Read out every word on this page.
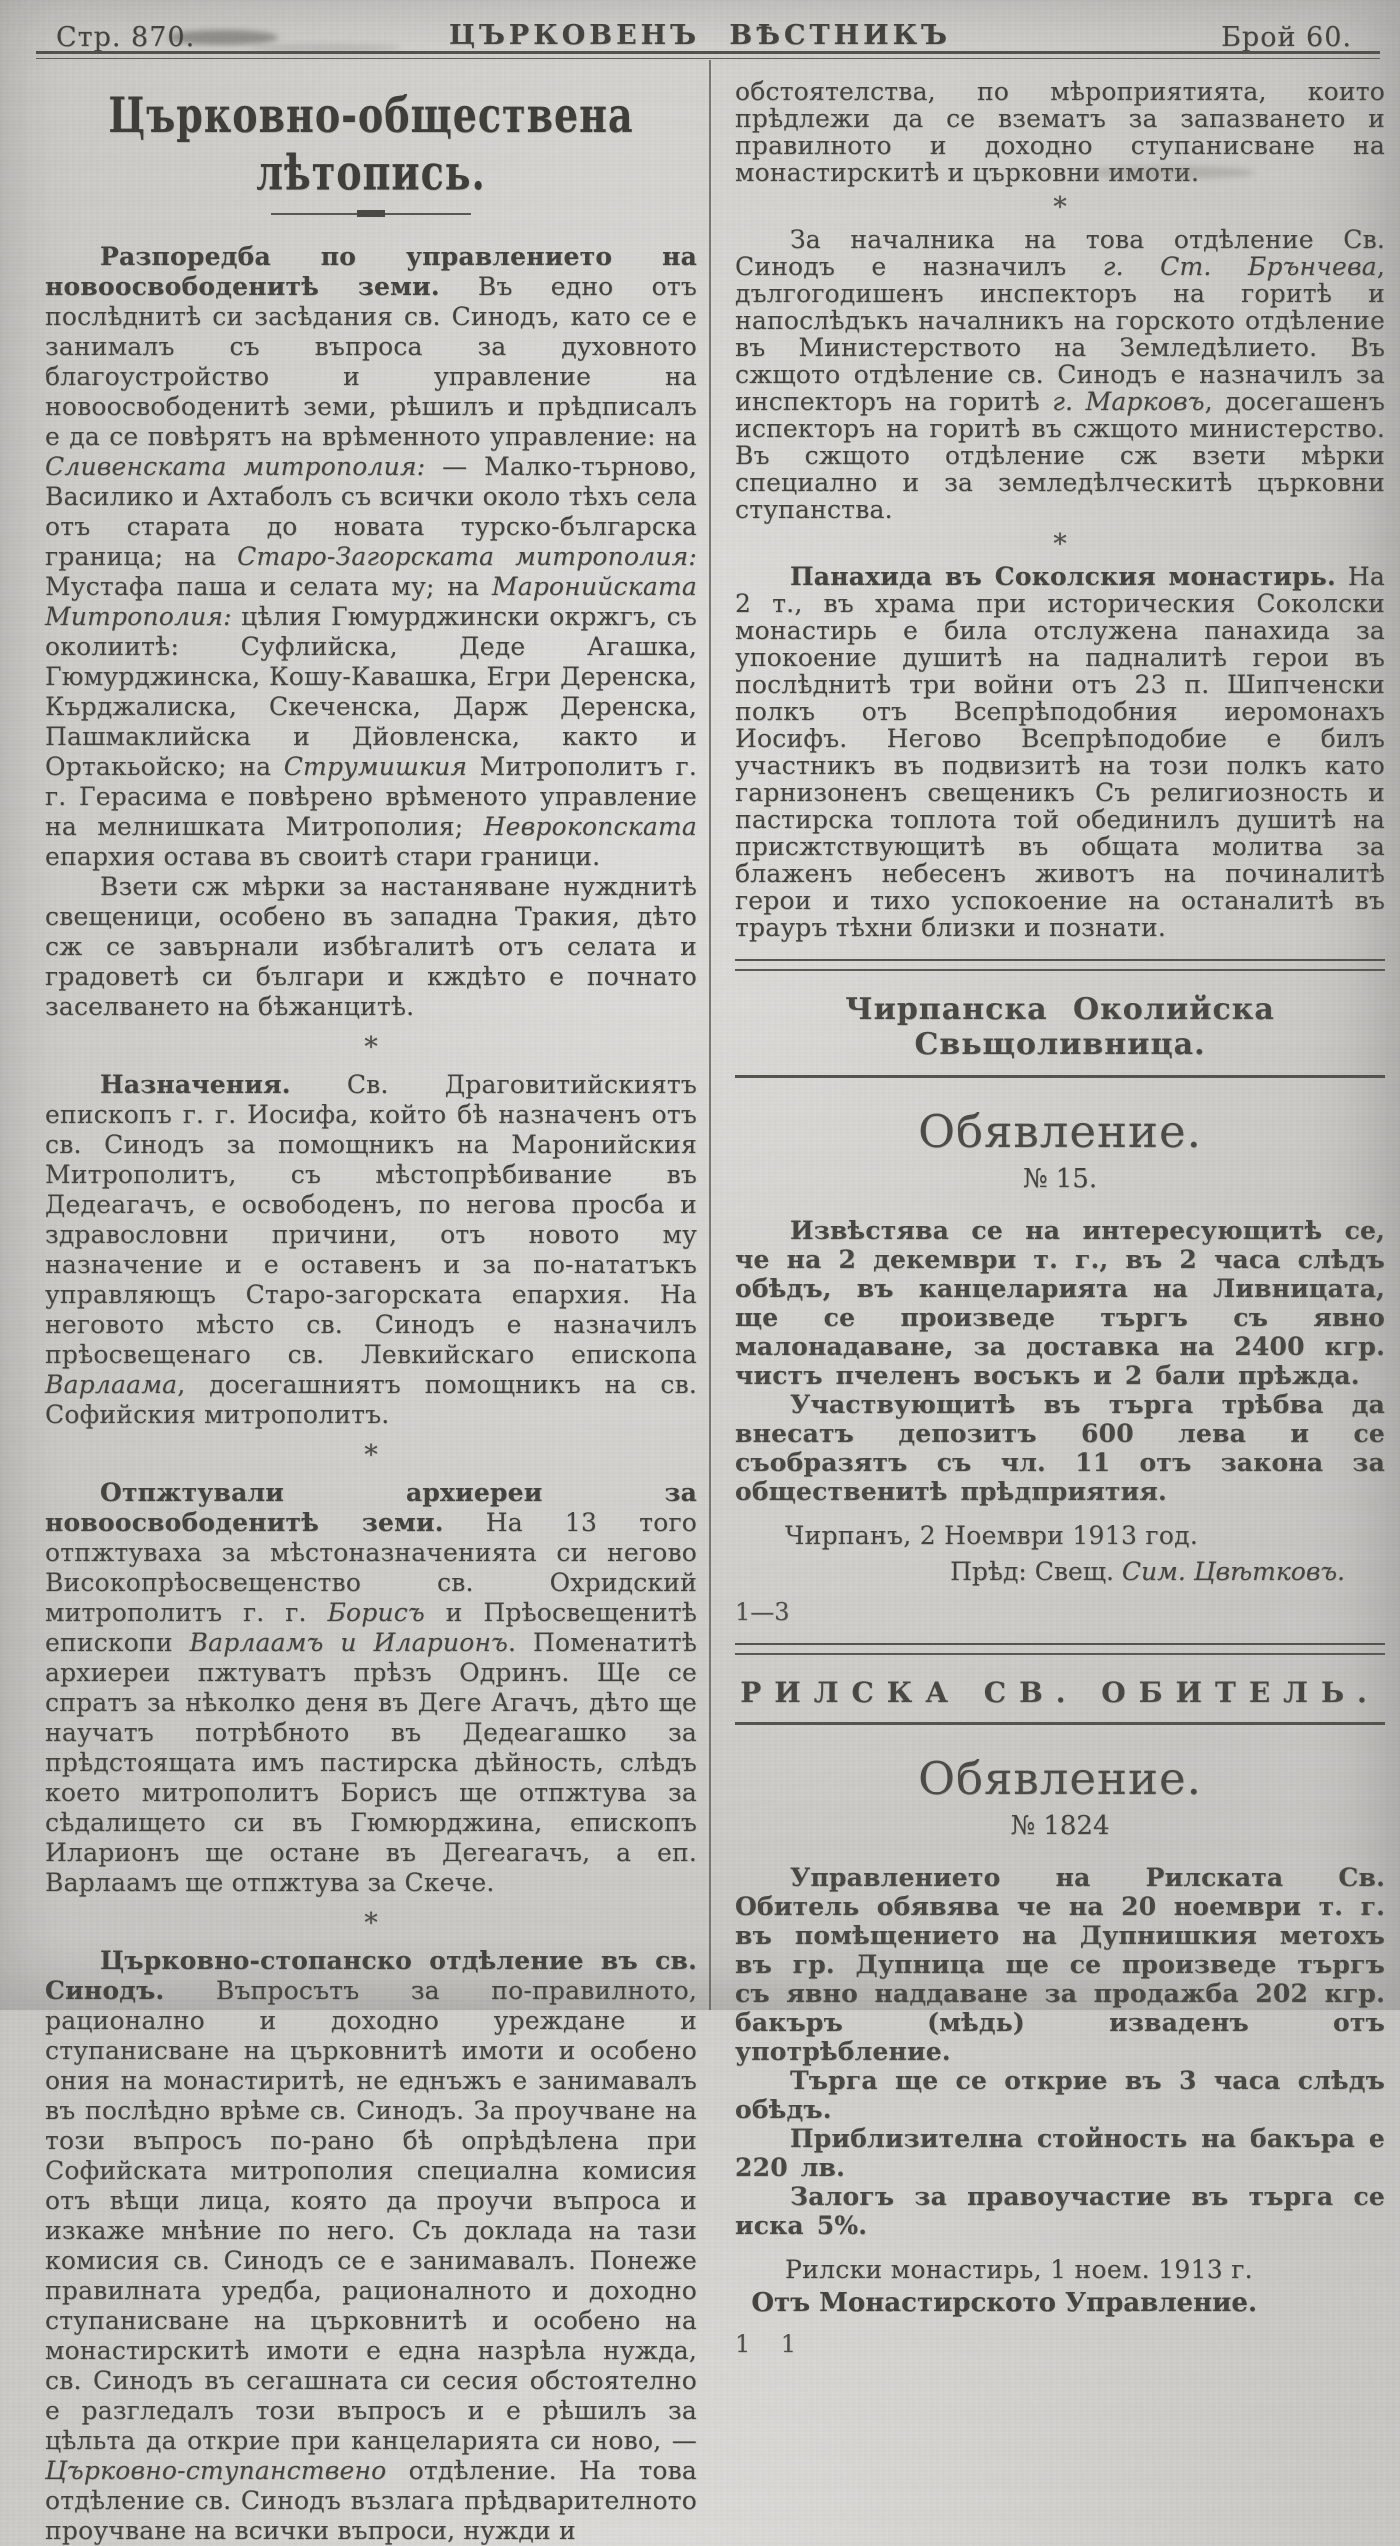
Стр. 870.	ЦЪРКОВЕНЪ ВѢСТНИКЪ	Брой 60.
Църковно-обществена лѣтопись.

Разпоредба по управлението на новоосвободенитѣ земи. Въ едно отъ послѣднитѣ си засѣдания св. Синодъ, като се е занималъ съ въпроса за духовното благоустройство и управление на новоосвободенитѣ земи, рѣшилъ и прѣдписалъ е да се повѣрятъ на врѣменното управление: на Сливенската митрополия: — Малко-търново, Василико и Ахтаболъ съ всички около тѣхъ села отъ старата до новата турско-българска граница; на Старо-Загорската митрополия: Мустафа паша и селата му; на Маронийската Митрополия: цѣлия Гюмурджински окржгъ, съ околиитѣ: Суфлийска, Деде Агашка, Гюмурджинска, Кошу-Кавашка, Егри Деренска, Кърджалиска, Скеченска, Дарж Деренска, Пашмаклийска и Дйовленска, както и Ортакьойско; на Струмишкия Митрополитъ г. г. Герасима е повѣрено врѣменото управление на мелнишката Митрополия; Неврокопската епархия остава въ своитѣ стари граници.

Взети сж мѣрки за настаняване нужднитѣ свещеници, особено въ западна Тракия, дѣто сж се завърнали избѣгалитѣ отъ селата и градоветѣ си българи и кждѣто е почнато заселването на бѣжанцитѣ.

*

Назначения. Св. Драговитийскиятъ епископъ г. г. Иосифа, който бѣ назначенъ отъ св. Синодъ за помощникъ на Маронийския Митрополитъ, съ мѣстопрѣбивание въ Дедеагачъ, е освободенъ, по негова просба и здравословни причини, отъ новото му назначение и е оставенъ и за по-нататъкъ управляющъ Старо-загорската епархия. На неговото мѣсто св. Синодъ е назначилъ прѣосвещенаго св. Левкийскаго епископа Варлаама, досегашниятъ помощникъ на св. Софийския митрополитъ.

*

Отпжтували архиереи за новоосвободенитѣ земи. На 13 того отпжтуваха за мѣстоназначенията си негово Високопрѣосвещенство св. Охридский митрополитъ г. г. Борисъ и Прѣосвещенитѣ епископи Варлаамъ и Иларионъ. Поменатитѣ архиереи пжтуватъ прѣзъ Одринъ. Ще се спратъ за нѣколко деня въ Деге Агачъ, дѣто ще научатъ потрѣбното въ Дедеагашко за прѣдстоящата имъ пастирска дѣйность, слѣдъ което митрополитъ Борисъ ще отпжтува за сѣдалището си въ Гюмюрджина, епископъ Иларионъ ще остане въ Дегеагачъ, а еп. Варлаамъ ще отпжтува за Скече.

*

Църковно-стопанско отдѣление въ св. Синодъ. Въпросътъ за по-правилното, рационално и доходно уреждане и ступанисване на църковнитѣ имоти и особено ония на монастиритѣ, не еднъжъ е занимавалъ въ послѣдно врѣме св. Синодъ. За проучване на този въпросъ по-рано бѣ опрѣдѣлена при Софийската митрополия специална комисия отъ вѣщи лица, която да проучи въпроса и изкаже мнѣние по него. Съ доклада на тази комисия св. Синодъ се е занимавалъ. Понеже правилната уредба, рационалното и доходно ступанисване на църковнитѣ и особено на монастирскитѣ имоти е една назрѣла нужда, св. Синодъ въ сегашната си сесия обстоятелно е разгледалъ този въпросъ и е рѣшилъ за цѣльта да открие при канцеларията си ново, — Църковно-ступанствено отдѣление. На това отдѣление св. Синодъ възлага прѣдварителното проучване на всички въпроси, нужди и

обстоятелства, по мѣроприятията, които прѣдлежи да се взематъ за запазването и правилното и доходно ступанисване на монастирскитѣ и църковни имоти.

*

За началника на това отдѣление Св. Синодъ е назначилъ г. Ст. Брънчева, дългогодишенъ инспекторъ на горитѣ и напослѣдъкъ началникъ на горското отдѣление въ Министерството на Земледѣлието. Въ сжщото отдѣление св. Синодъ е назначилъ за инспекторъ на горитѣ г. Марковъ, досегашенъ испекторъ на горитѣ въ сжщото министерство. Въ сжщото отдѣление сж взети мѣрки специално и за земледѣлческитѣ църковни ступанства.

*

Панахида въ Соколския монастирь. На 2 т., въ храма при историческия Соколски монастирь е била отслужена панахида за упокоение душитѣ на падналитѣ герои въ послѣднитѣ три войни отъ 23 п. Шипченски полкъ отъ Всепрѣподобния иеромонахъ Иосифъ. Негово Всепрѣподобие е билъ участникъ въ подвизитѣ на този полкъ като гарнизоненъ свещеникъ Съ религиозность и пастирска топлота той обединилъ душитѣ на присжтствующитѣ въ общата молитва за блаженъ небесенъ животъ на починалитѣ герои и тихо успокоение на останалитѣ въ трауръ тѣхни близки и познати.

Чирпанска Околийска Свьщоливница.
Обявление.
№ 15.

Извѣстява се на интересующитѣ се, че на 2 декември т. г., въ 2 часа слѣдъ обѣдъ, въ канцеларията на Ливницата, ще се произведе търгъ съ явно малонадаване, за доставка на 2400 кгр. чистъ пчеленъ восъкъ и 2 бали прѣжда.

Участвующитѣ въ търга трѣбва да внесатъ депозитъ 600 лева и се съобразятъ съ чл. 11 отъ закона за общественитѣ прѣдприятия.

Чирпанъ, 2 Ноември 1913 год.

Прѣд: Свещ. Сим. Цвѣтковъ.

1—3
РИЛСКА СВ. ОБИТЕЛЬ.
Обявление.
№ 1824

Управлението на Рилската Св. Обитель обявява че на 20 ноември т. г. въ помѣщението на Дупнишкия метохъ въ гр. Дупница ще се произведе търгъ съ явно наддаване за продажба 202 кгр. бакъръ (мѣдь) изваденъ отъ употрѣбление.

Търга ще се открие въ 3 часа слѣдъ обѣдъ.

Приблизителна стойность на бакъра е 220 лв.

Залогъ за правоучастие въ търга се иска 5%.

Рилски монастирь, 1 ноем. 1913 г.

Отъ Монастирското Управление.

1    1
